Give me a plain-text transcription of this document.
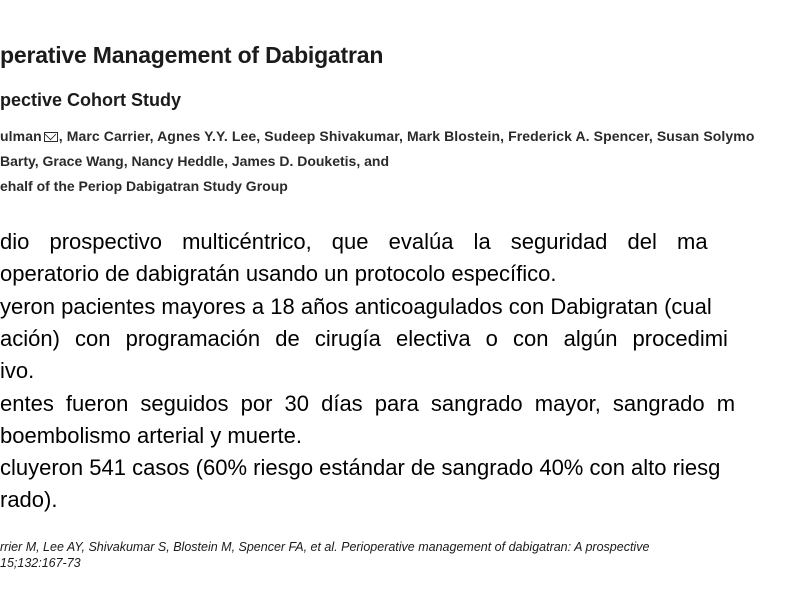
perative Management of Dabigatran
pective Cohort Study
ulman , Marc Carrier, Agnes Y.Y. Lee, Sudeep Shivakumar, Mark Blostein, Frederick A. Spencer, Susan Solymo
Barty, Grace Wang, Nancy Heddle, James D. Douketis, and
ehalf of the Periop Dabigatran Study Group
dio prospectivo multicéntrico, que evalúa la seguridad del ma
operatorio de dabigratán usando un protocolo específico.
yeron pacientes mayores a 18 años anticoagulados con Dabigratan (cual
ación) con programación de cirugía electiva o con algún procedimi
ivo.
entes fueron seguidos por 30 días para sangrado mayor, sangrado m
boembolismo arterial y muerte.
cluyeron 541 casos (60% riesgo estándar de sangrado 40% con alto riesg
rado).
rrier M, Lee AY, Shivakumar S, Blostein M, Spencer FA, et al. Perioperative management of dabigatran: A prospective
15;132:167-73
